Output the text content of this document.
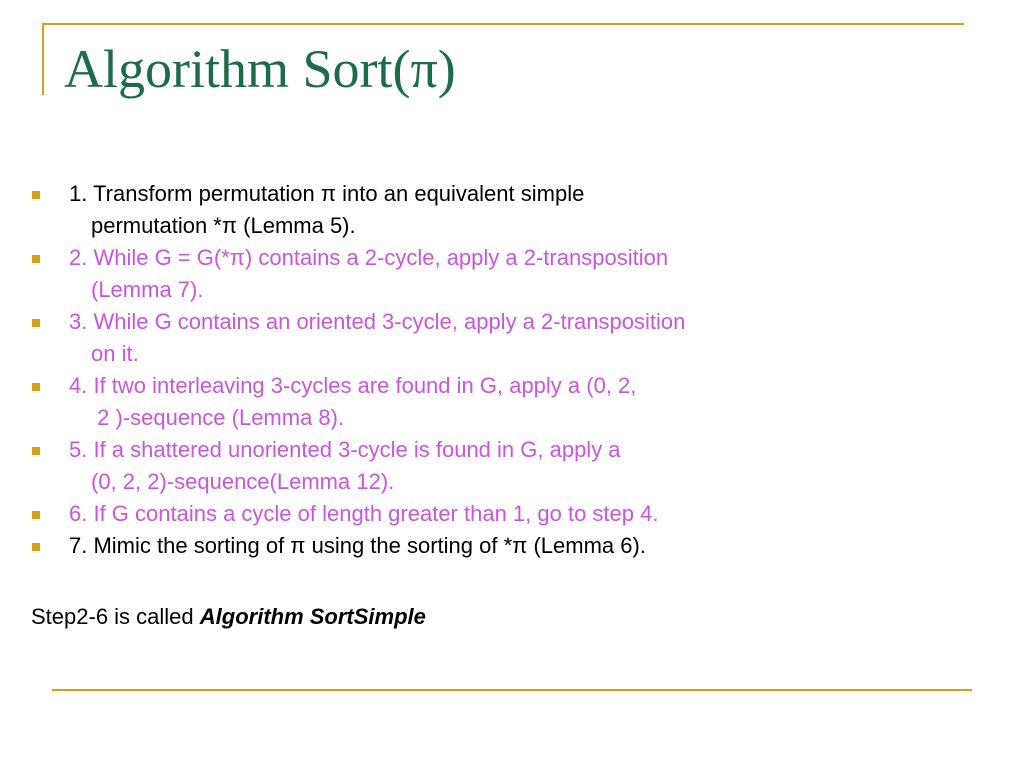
Algorithm Sort(π)
1. Transform permutation π into an equivalent simple
permutation *π (Lemma 5).
2. While G = G(*π) contains a 2-cycle, apply a 2-transposition
(Lemma 7).
3. While G contains an oriented 3-cycle, apply a 2-transposition
on it.
4. If two interleaving 3-cycles are found in G, apply a (0, 2,
2 )-sequence (Lemma 8).
5. If a shattered unoriented 3-cycle is found in G, apply a
(0, 2, 2)-sequence(Lemma 12).
6. If G contains a cycle of length greater than 1, go to step 4.
7. Mimic the sorting of π using the sorting of *π (Lemma 6).
Step2-6 is called Algorithm SortSimple
